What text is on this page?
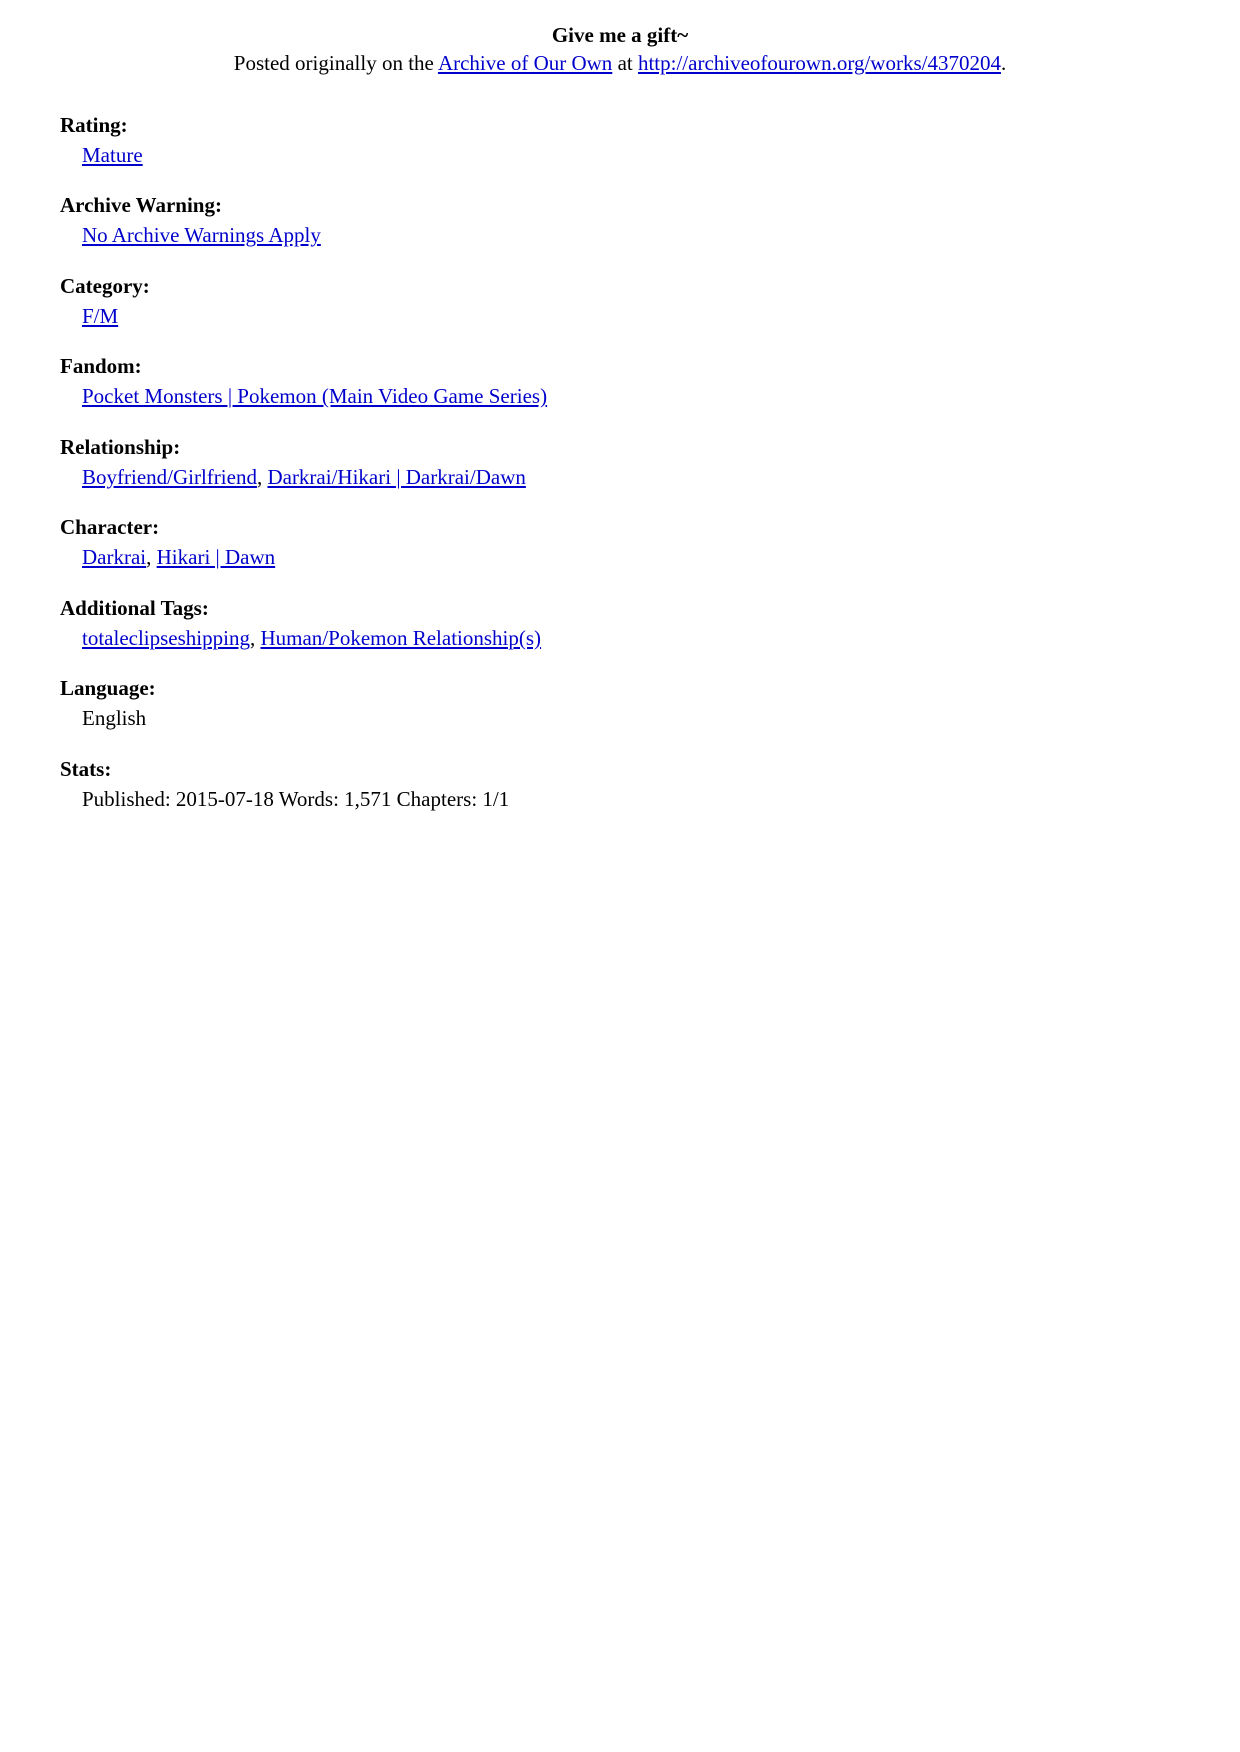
Give me a gift~

Posted originally on the Archive of Our Own at http://archiveofourown.org/works/4370204.

Rating:
Mature
Archive Warning:
No Archive Warnings Apply
Category:
F/M
Fandom:
Pocket Monsters | Pokemon (Main Video Game Series)
Relationship:
Boyfriend/Girlfriend, Darkrai/Hikari | Darkrai/Dawn
Character:
Darkrai, Hikari | Dawn
Additional Tags:
totaleclipseshipping, Human/Pokemon Relationship(s)
Language:
English
Stats:
Published: 2015-07-18 Words: 1,571 Chapters: 1/1
